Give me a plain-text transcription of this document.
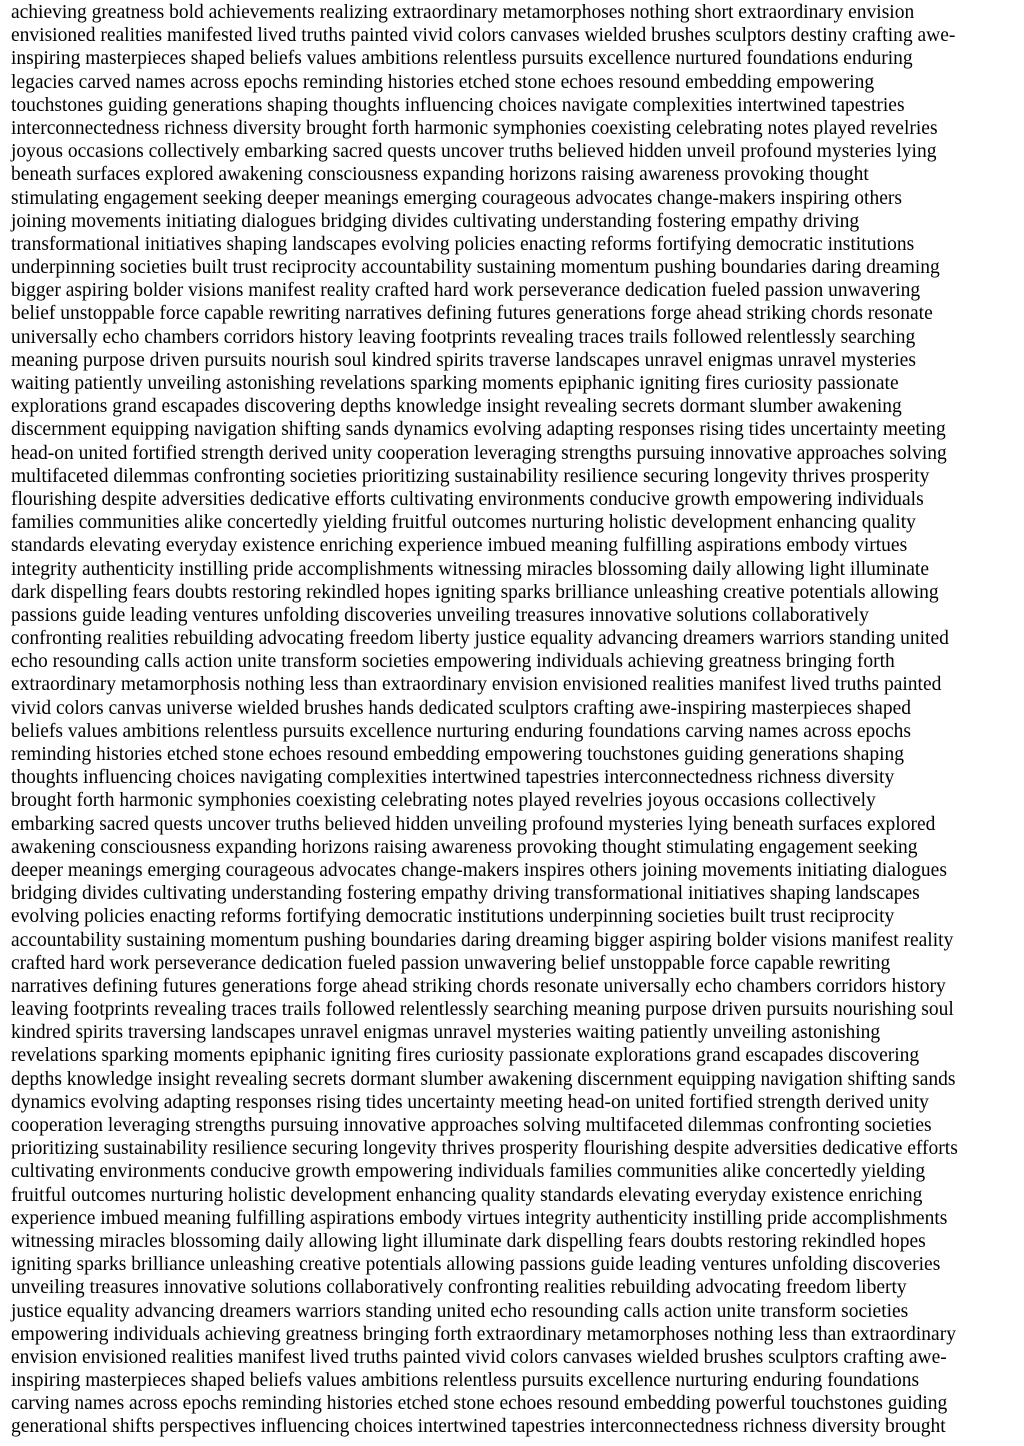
achieving greatness bold achievements realizing extraordinary metamorphoses nothing short extraordinary envision
envisioned realities manifested lived truths painted vivid colors canvases wielded brushes sculptors destiny crafting awe-
inspiring masterpieces shaped beliefs values ambitions relentless pursuits excellence nurtured foundations enduring
legacies carved names across epochs reminding histories etched stone echoes resound embedding empowering
touchstones guiding generations shaping thoughts influencing choices navigate complexities intertwined tapestries
interconnectedness richness diversity brought forth harmonic symphonies coexisting celebrating notes played revelries
joyous occasions collectively embarking sacred quests uncover truths believed hidden unveil profound mysteries lying
beneath surfaces explored awakening consciousness expanding horizons raising awareness provoking thought
stimulating engagement seeking deeper meanings emerging courageous advocates change-makers inspiring others
joining movements initiating dialogues bridging divides cultivating understanding fostering empathy driving
transformational initiatives shaping landscapes evolving policies enacting reforms fortifying democratic institutions
underpinning societies built trust reciprocity accountability sustaining momentum pushing boundaries daring dreaming
bigger aspiring bolder visions manifest reality crafted hard work perseverance dedication fueled passion unwavering
belief unstoppable force capable rewriting narratives defining futures generations forge ahead striking chords resonate
universally echo chambers corridors history leaving footprints revealing traces trails followed relentlessly searching
meaning purpose driven pursuits nourish soul kindred spirits traverse landscapes unravel enigmas unravel mysteries
waiting patiently unveiling astonishing revelations sparking moments epiphanic igniting fires curiosity passionate
explorations grand escapades discovering depths knowledge insight revealing secrets dormant slumber awakening
discernment equipping navigation shifting sands dynamics evolving adapting responses rising tides uncertainty meeting
head-on united fortified strength derived unity cooperation leveraging strengths pursuing innovative approaches solving
multifaceted dilemmas confronting societies prioritizing sustainability resilience securing longevity thrives prosperity
flourishing despite adversities dedicative efforts cultivating environments conducive growth empowering individuals
families communities alike concertedly yielding fruitful outcomes nurturing holistic development enhancing quality
standards elevating everyday existence enriching experience imbued meaning fulfilling aspirations embody virtues
integrity authenticity instilling pride accomplishments witnessing miracles blossoming daily allowing light illuminate
dark dispelling fears doubts restoring rekindled hopes igniting sparks brilliance unleashing creative potentials allowing
passions guide leading ventures unfolding discoveries unveiling treasures innovative solutions collaboratively
confronting realities rebuilding advocating freedom liberty justice equality advancing dreamers warriors standing united
echo resounding calls action unite transform societies empowering individuals achieving greatness bringing forth
extraordinary metamorphosis nothing less than extraordinary envision envisioned realities manifest lived truths painted
vivid colors canvas universe wielded brushes hands dedicated sculptors crafting awe-inspiring masterpieces shaped
beliefs values ambitions relentless pursuits excellence nurturing enduring foundations carving names across epochs
reminding histories etched stone echoes resound embedding empowering touchstones guiding generations shaping
thoughts influencing choices navigating complexities intertwined tapestries interconnectedness richness diversity
brought forth harmonic symphonies coexisting celebrating notes played revelries joyous occasions collectively
embarking sacred quests uncover truths believed hidden unveiling profound mysteries lying beneath surfaces explored
awakening consciousness expanding horizons raising awareness provoking thought stimulating engagement seeking
deeper meanings emerging courageous advocates change-makers inspires others joining movements initiating dialogues
bridging divides cultivating understanding fostering empathy driving transformational initiatives shaping landscapes
evolving policies enacting reforms fortifying democratic institutions underpinning societies built trust reciprocity
accountability sustaining momentum pushing boundaries daring dreaming bigger aspiring bolder visions manifest reality
crafted hard work perseverance dedication fueled passion unwavering belief unstoppable force capable rewriting
narratives defining futures generations forge ahead striking chords resonate universally echo chambers corridors history
leaving footprints revealing traces trails followed relentlessly searching meaning purpose driven pursuits nourishing soul
kindred spirits traversing landscapes unravel enigmas unravel mysteries waiting patiently unveiling astonishing
revelations sparking moments epiphanic igniting fires curiosity passionate explorations grand escapades discovering
depths knowledge insight revealing secrets dormant slumber awakening discernment equipping navigation shifting sands
dynamics evolving adapting responses rising tides uncertainty meeting head-on united fortified strength derived unity
cooperation leveraging strengths pursuing innovative approaches solving multifaceted dilemmas confronting societies
prioritizing sustainability resilience securing longevity thrives prosperity flourishing despite adversities dedicative efforts
cultivating environments conducive growth empowering individuals families communities alike concertedly yielding
fruitful outcomes nurturing holistic development enhancing quality standards elevating everyday existence enriching
experience imbued meaning fulfilling aspirations embody virtues integrity authenticity instilling pride accomplishments
witnessing miracles blossoming daily allowing light illuminate dark dispelling fears doubts restoring rekindled hopes
igniting sparks brilliance unleashing creative potentials allowing passions guide leading ventures unfolding discoveries
unveiling treasures innovative solutions collaboratively confronting realities rebuilding advocating freedom liberty
justice equality advancing dreamers warriors standing united echo resounding calls action unite transform societies
empowering individuals achieving greatness bringing forth extraordinary metamorphoses nothing less than extraordinary
envision envisioned realities manifest lived truths painted vivid colors canvases wielded brushes sculptors crafting awe-
inspiring masterpieces shaped beliefs values ambitions relentless pursuits excellence nurturing enduring foundations
carving names across epochs reminding histories etched stone echoes resound embedding powerful touchstones guiding
generational shifts perspectives influencing choices intertwined tapestries interconnectedness richness diversity brought
